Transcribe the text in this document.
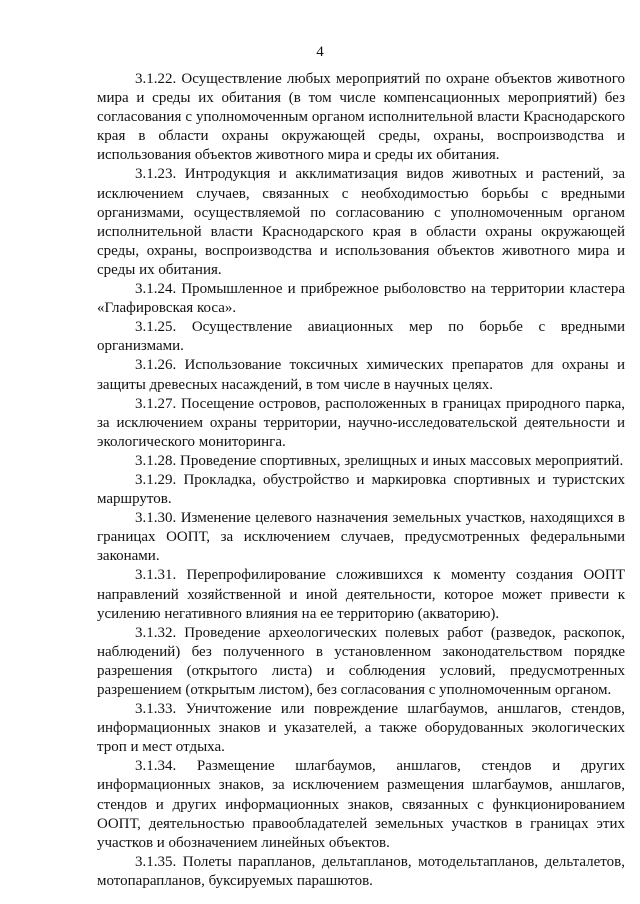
4

3.1.22. Осуществление любых мероприятий по охране объектов животного мира и среды их обитания (в том числе компенсационных мероприятий) без согласования с уполномоченным органом исполнительной власти Краснодарского края в области охраны окружающей среды, охраны, воспроизводства и использования объектов животного мира и среды их обитания.

3.1.23. Интродукция и акклиматизация видов животных и растений, за исключением случаев, связанных с необходимостью борьбы с вредными организмами, осуществляемой по согласованию с уполномоченным органом исполнительной власти Краснодарского края в области охраны окружающей среды, охраны, воспроизводства и использования объектов животного мира и среды их обитания.

3.1.24. Промышленное и прибрежное рыболовство на территории кластера «Глафировская коса».

3.1.25. Осуществление авиационных мер по борьбе с вредными организмами.

3.1.26. Использование токсичных химических препаратов для охраны и защиты древесных насаждений, в том числе в научных целях.

3.1.27. Посещение островов, расположенных в границах природного парка, за исключением охраны территории, научно-исследовательской деятельности и экологического мониторинга.

3.1.28. Проведение спортивных, зрелищных и иных массовых мероприятий.

3.1.29. Прокладка, обустройство и маркировка спортивных и туристских маршрутов.

3.1.30. Изменение целевого назначения земельных участков, находящихся в границах ООПТ, за исключением случаев, предусмотренных федеральными законами.

3.1.31. Перепрофилирование сложившихся к моменту создания ООПТ направлений хозяйственной и иной деятельности, которое может привести к усилению негативного влияния на ее территорию (акваторию).

3.1.32. Проведение археологических полевых работ (разведок, раскопок, наблюдений) без полученного в установленном законодательством порядке разрешения (открытого листа) и соблюдения условий, предусмотренных разрешением (открытым листом), без согласования с уполномоченным органом.

3.1.33. Уничтожение или повреждение шлагбаумов, аншлагов, стендов, информационных знаков и указателей, а также оборудованных экологических троп и мест отдыха.

3.1.34. Размещение шлагбаумов, аншлагов, стендов и других информационных знаков, за исключением размещения шлагбаумов, аншлагов, стендов и других информационных знаков, связанных с функционированием ООПТ, деятельностью правообладателей земельных участков в границах этих участков и обозначением линейных объектов.

3.1.35. Полеты парапланов, дельтапланов, мотодельтапланов, дельталетов, мотопарапланов, буксируемых парашютов.
